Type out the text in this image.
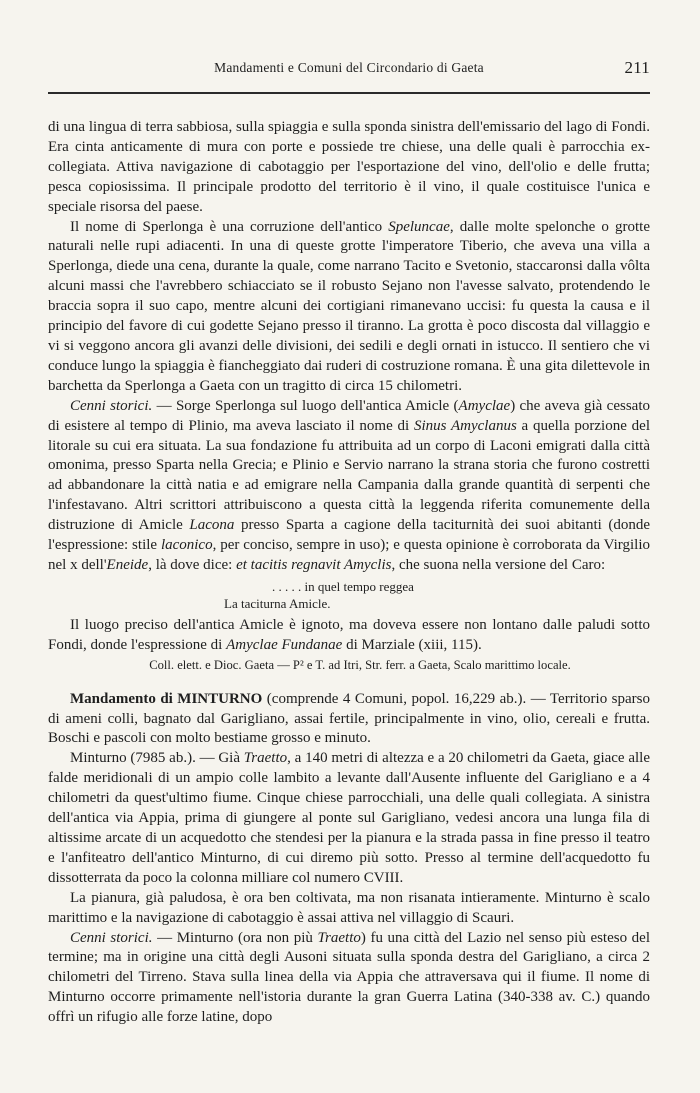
Mandamenti e Comuni del Circondario di Gaeta	211

di una lingua di terra sabbiosa, sulla spiaggia e sulla sponda sinistra dell'emissario del lago di Fondi. Era cinta anticamente di mura con porte e possiede tre chiese, una delle quali è parrocchia ex-collegiata. Attiva navigazione di cabotaggio per l'esportazione del vino, dell'olio e delle frutta; pesca copiosissima. Il principale prodotto del territorio è il vino, il quale costituisce l'unica e speciale risorsa del paese.

Il nome di Sperlonga è una corruzione dell'antico Speluncae, dalle molte spelonche o grotte naturali nelle rupi adiacenti. In una di queste grotte l'imperatore Tiberio, che aveva una villa a Sperlonga, diede una cena, durante la quale, come narrano Tacito e Svetonio, staccaronsi dalla vôlta alcuni massi che l'avrebbero schiacciato se il robusto Sejano non l'avesse salvato, protendendo le braccia sopra il suo capo, mentre alcuni dei cortigiani rimanevano uccisi: fu questa la causa e il principio del favore di cui godette Sejano presso il tiranno. La grotta è poco discosta dal villaggio e vi si veggono ancora gli avanzi delle divisioni, dei sedili e degli ornati in istucco. Il sentiero che vi conduce lungo la spiaggia è fiancheggiato dai ruderi di costruzione romana. È una gita dilettevole in barchetta da Sperlonga a Gaeta con un tragitto di circa 15 chilometri.

Cenni storici. — Sorge Sperlonga sul luogo dell'antica Amicle (Amyclae) che aveva già cessato di esistere al tempo di Plinio, ma aveva lasciato il nome di Sinus Amyclanus a quella porzione del litorale su cui era situata. La sua fondazione fu attribuita ad un corpo di Laconi emigrati dalla città omonima, presso Sparta nella Grecia; e Plinio e Servio narrano la strana storia che furono costretti ad abbandonare la città natia e ad emigrare nella Campania dalla grande quantità di serpenti che l'infestavano. Altri scrittori attribuiscono a questa città la leggenda riferita comunemente della distruzione di Amicle Lacona presso Sparta a cagione della taciturnità dei suoi abitanti (donde l'espressione: stile laconico, per conciso, sempre in uso); e questa opinione è corroborata da Virgilio nel x dell'Eneide, là dove dice: et tacitis regnavit Amyclis, che suona nella versione del Caro:

. . . . . in quel tempo reggea
La taciturna Amicle.

Il luogo preciso dell'antica Amicle è ignoto, ma doveva essere non lontano dalle paludi sotto Fondi, donde l'espressione di Amyclae Fundanae di Marziale (xiii, 115).

Coll. elett. e Dioc. Gaeta — P² e T. ad Itri, Str. ferr. a Gaeta, Scalo marittimo locale.

Mandamento di MINTURNO (comprende 4 Comuni, popol. 16,229 ab.). — Territorio sparso di ameni colli, bagnato dal Garigliano, assai fertile, principalmente in vino, olio, cereali e frutta. Boschi e pascoli con molto bestiame grosso e minuto.

Minturno (7985 ab.). — Già Traetto, a 140 metri di altezza e a 20 chilometri da Gaeta, giace alle falde meridionali di un ampio colle lambito a levante dall'Ausente influente del Garigliano e a 4 chilometri da quest'ultimo fiume. Cinque chiese parrocchiali, una delle quali collegiata. A sinistra dell'antica via Appia, prima di giungere al ponte sul Garigliano, vedesi ancora una lunga fila di altissime arcate di un acquedotto che stendesi per la pianura e la strada passa in fine presso il teatro e l'anfiteatro dell'antico Minturno, di cui diremo più sotto. Presso al termine dell'acquedotto fu dissotterrata da poco la colonna milliare col numero CVIII.

La pianura, già paludosa, è ora ben coltivata, ma non risanata intieramente. Minturno è scalo marittimo e la navigazione di cabotaggio è assai attiva nel villaggio di Scauri.

Cenni storici. — Minturno (ora non più Traetto) fu una città del Lazio nel senso più esteso del termine; ma in origine una città degli Ausoni situata sulla sponda destra del Garigliano, a circa 2 chilometri del Tirreno. Stava sulla linea della via Appia che attraversava qui il fiume. Il nome di Minturno occorre primamente nell'istoria durante la gran Guerra Latina (340-338 av. C.) quando offrì un rifugio alle forze latine, dopo
